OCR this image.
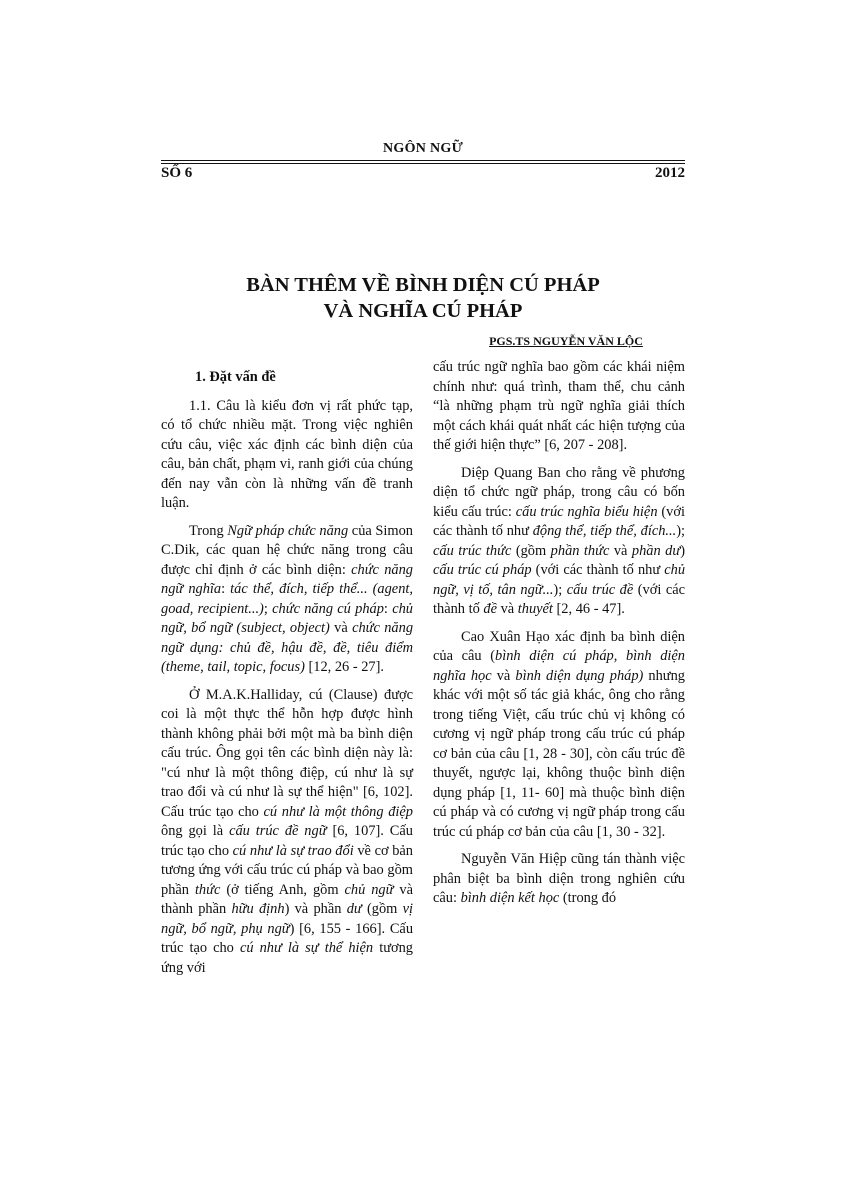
NGÔN NGỮ
SỐ 6	2012
BÀN THÊM VỀ BÌNH DIỆN CÚ PHÁP
VÀ NGHĨA CÚ PHÁP
PGS.TS NGUYỄN VĂN LỘC
1. Đặt vấn đề

1.1. Câu là kiểu đơn vị rất phức tạp, có tổ chức nhiều mặt. Trong việc nghiên cứu câu, việc xác định các bình diện của câu, bản chất, phạm vi, ranh giới của chúng đến nay vẫn còn là những vấn đề tranh luận.

Trong Ngữ pháp chức năng của Simon C.Dik, các quan hệ chức năng trong câu được chỉ định ở các bình diện: chức năng ngữ nghĩa: tác thể, đích, tiếp thể... (agent, goad, recipient...); chức năng cú pháp: chủ ngữ, bổ ngữ (subject, object) và chức năng ngữ dụng: chủ đề, hậu đề, đề, tiêu điểm (theme, tail, topic, focus) [12, 26 - 27].

Ở M.A.K.Halliday, cú (Clause) được coi là một thực thể hỗn hợp được hình thành không phải bởi một mà ba bình diện cấu trúc. Ông gọi tên các bình diện này là: "cú như là một thông điệp, cú như là sự trao đổi và cú như là sự thể hiện" [6, 102]. Cấu trúc tạo cho cú như là một thông điệp ông gọi là cấu trúc đề ngữ [6, 107]. Cấu trúc tạo cho cú như là sự trao đổi về cơ bản tương ứng với cấu trúc cú pháp và bao gồm phần thức (ở tiếng Anh, gồm chủ ngữ và thành phần hữu định) và phần dư (gồm vị ngữ, bổ ngữ, phụ ngữ) [6, 155 - 166]. Cấu trúc tạo cho cú như là sự thể hiện tương ứng với

cấu trúc ngữ nghĩa bao gồm các khái niệm chính như: quá trình, tham thể, chu cảnh “là những phạm trù ngữ nghĩa giải thích một cách khái quát nhất các hiện tượng của thế giới hiện thực” [6, 207 - 208].

Diệp Quang Ban cho rằng về phương diện tổ chức ngữ pháp, trong câu có bốn kiểu cấu trúc: cấu trúc nghĩa biểu hiện (với các thành tố như động thể, tiếp thể, đích...); cấu trúc thức (gồm phần thức và phần dư) cấu trúc cú pháp (với các thành tố như chủ ngữ, vị tố, tân ngữ...); cấu trúc đề (với các thành tố đề và thuyết [2, 46 - 47].

Cao Xuân Hạo xác định ba bình diện của câu (bình diện cú pháp, bình diện nghĩa học và bình diện dụng pháp) nhưng khác với một số tác giả khác, ông cho rằng trong tiếng Việt, cấu trúc chủ vị không có cương vị ngữ pháp trong cấu trúc cú pháp cơ bản của câu [1, 28 - 30], còn cấu trúc đề thuyết, ngược lại, không thuộc bình diện dụng pháp [1, 11- 60] mà thuộc bình diện cú pháp và có cương vị ngữ pháp trong cấu trúc cú pháp cơ bản của câu [1, 30 - 32].

Nguyễn Văn Hiệp cũng tán thành việc phân biệt ba bình diện trong nghiên cứu câu: bình diện kết học (trong đó
